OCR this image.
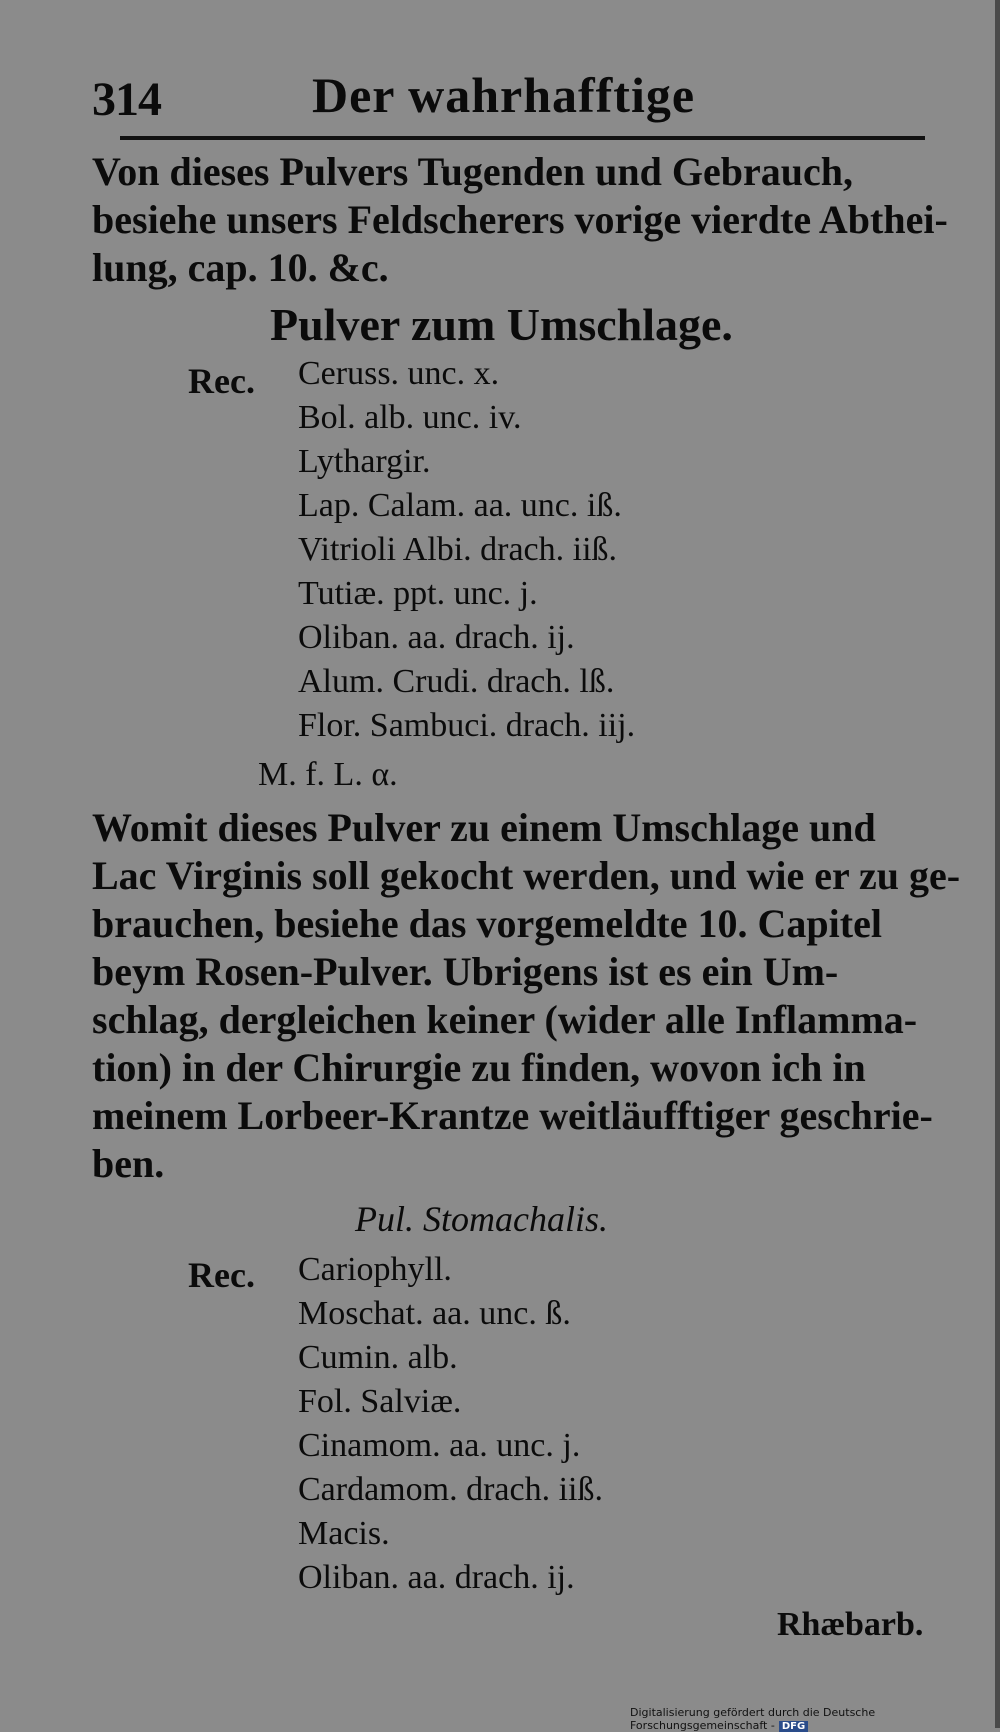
314	Der wahrhafftige
Von dieses Pulvers Tugenden und Gebrauch,
besiehe unsers Feldscherers vorige vierdte Abthei-
lung, cap. 10. &c.
Pulver zum Umschlage.
Rec. Ceruss. unc. x.
Bol. alb. unc. iv.
Lythargir.
Lap. Calam. aa. unc. iß.
Vitrioli Albi. drach. iiß.
Tutiæ. ppt. unc. j.
Oliban. aa. drach. ij.
Alum. Crudi. drach. lß.
Flor. Sambuci. drach. iij.
M. f. L. α.
Womit dieses Pulver zu einem Umschlage und
Lac Virginis soll gekocht werden, und wie er zu ge-
brauchen, besiehe das vorgemeldte 10. Capitel
beym Rosen-Pulver. Ubrigens ist es ein Um-
schlag, dergleichen keiner (wider alle Inflamma-
tion) in der Chirurgie zu finden, wovon ich in
meinem Lorbeer-Krantze weitläufftiger geschrie-
ben.
Pul. Stomachalis.
Rec. Cariophyll.
Moschat. aa. unc. ß.
Cumin. alb.
Fol. Salviæ.
Cinamom. aa. unc. j.
Cardamom. drach. iiß.
Macis.
Oliban. aa. drach. ij.
Rhæbarb.
Digitalisierung gefördert durch die Deutsche Forschungsgemeinschaft - DFG
